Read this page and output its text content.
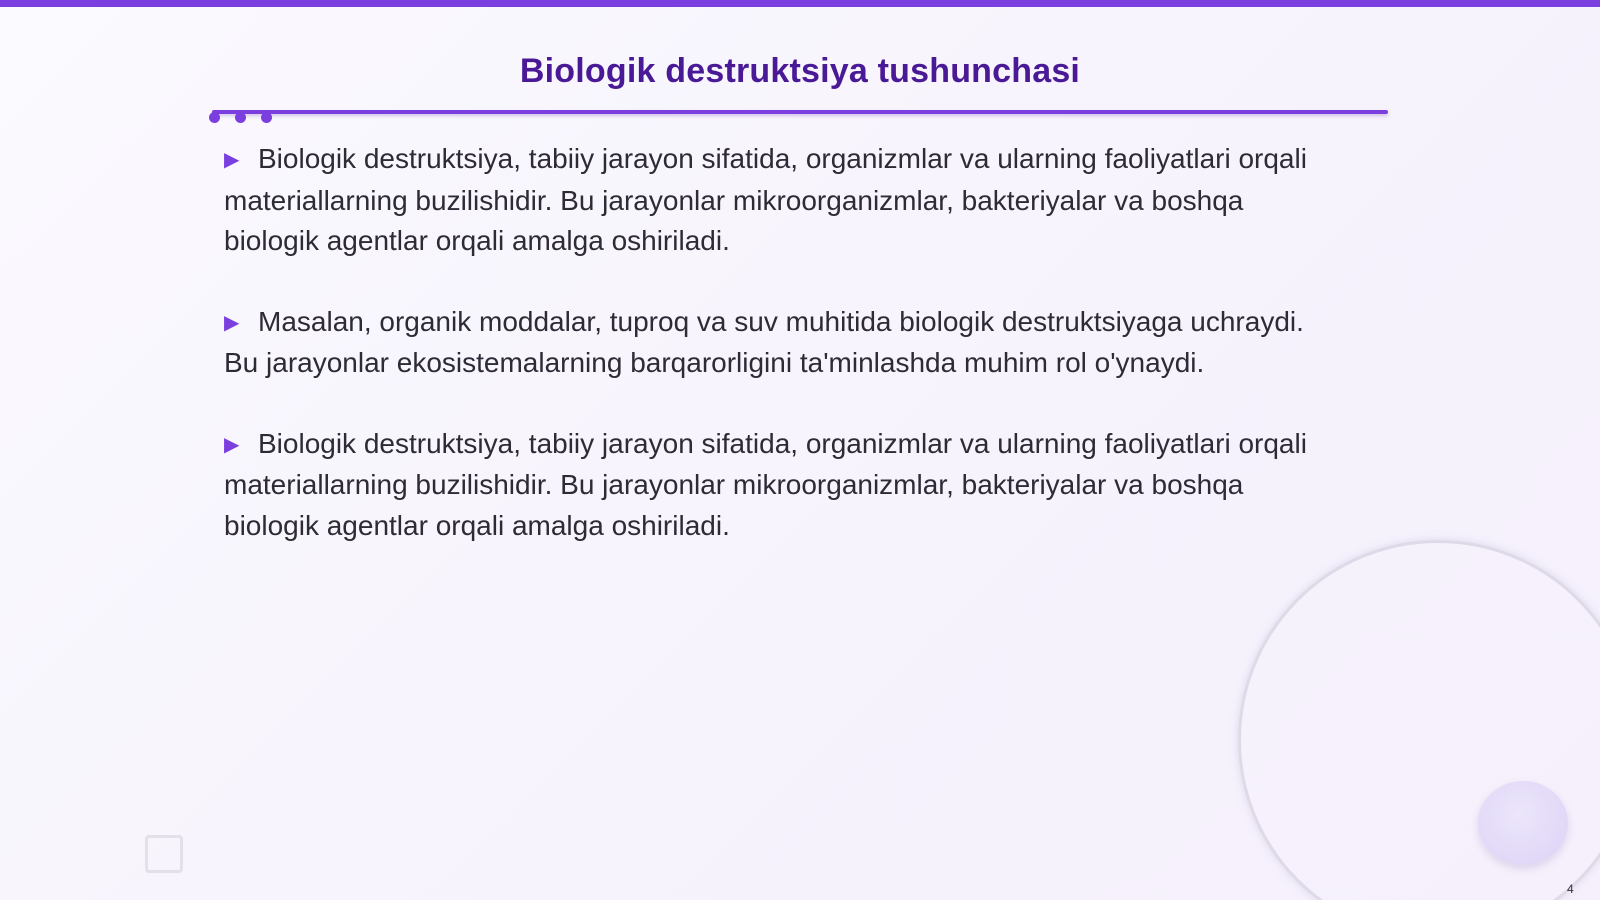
Biologik destruktsiya tushunchasi

▶ Biologik destruktsiya, tabiiy jarayon sifatida, organizmlar va ularning faoliyatlari orqali materiallarning buzilishidir. Bu jarayonlar mikroorganizmlar, bakteriyalar va boshqa biologik agentlar orqali amalga oshiriladi.

▶ Masalan, organik moddalar, tuproq va suv muhitida biologik destruktsiyaga uchraydi. Bu jarayonlar ekosistemalarning barqarorligini ta'minlashda muhim rol o'ynaydi.

▶ Biologik destruktsiya, tabiiy jarayon sifatida, organizmlar va ularning faoliyatlari orqali materiallarning buzilishidir. Bu jarayonlar mikroorganizmlar, bakteriyalar va boshqa biologik agentlar orqali amalga oshiriladi.

4
